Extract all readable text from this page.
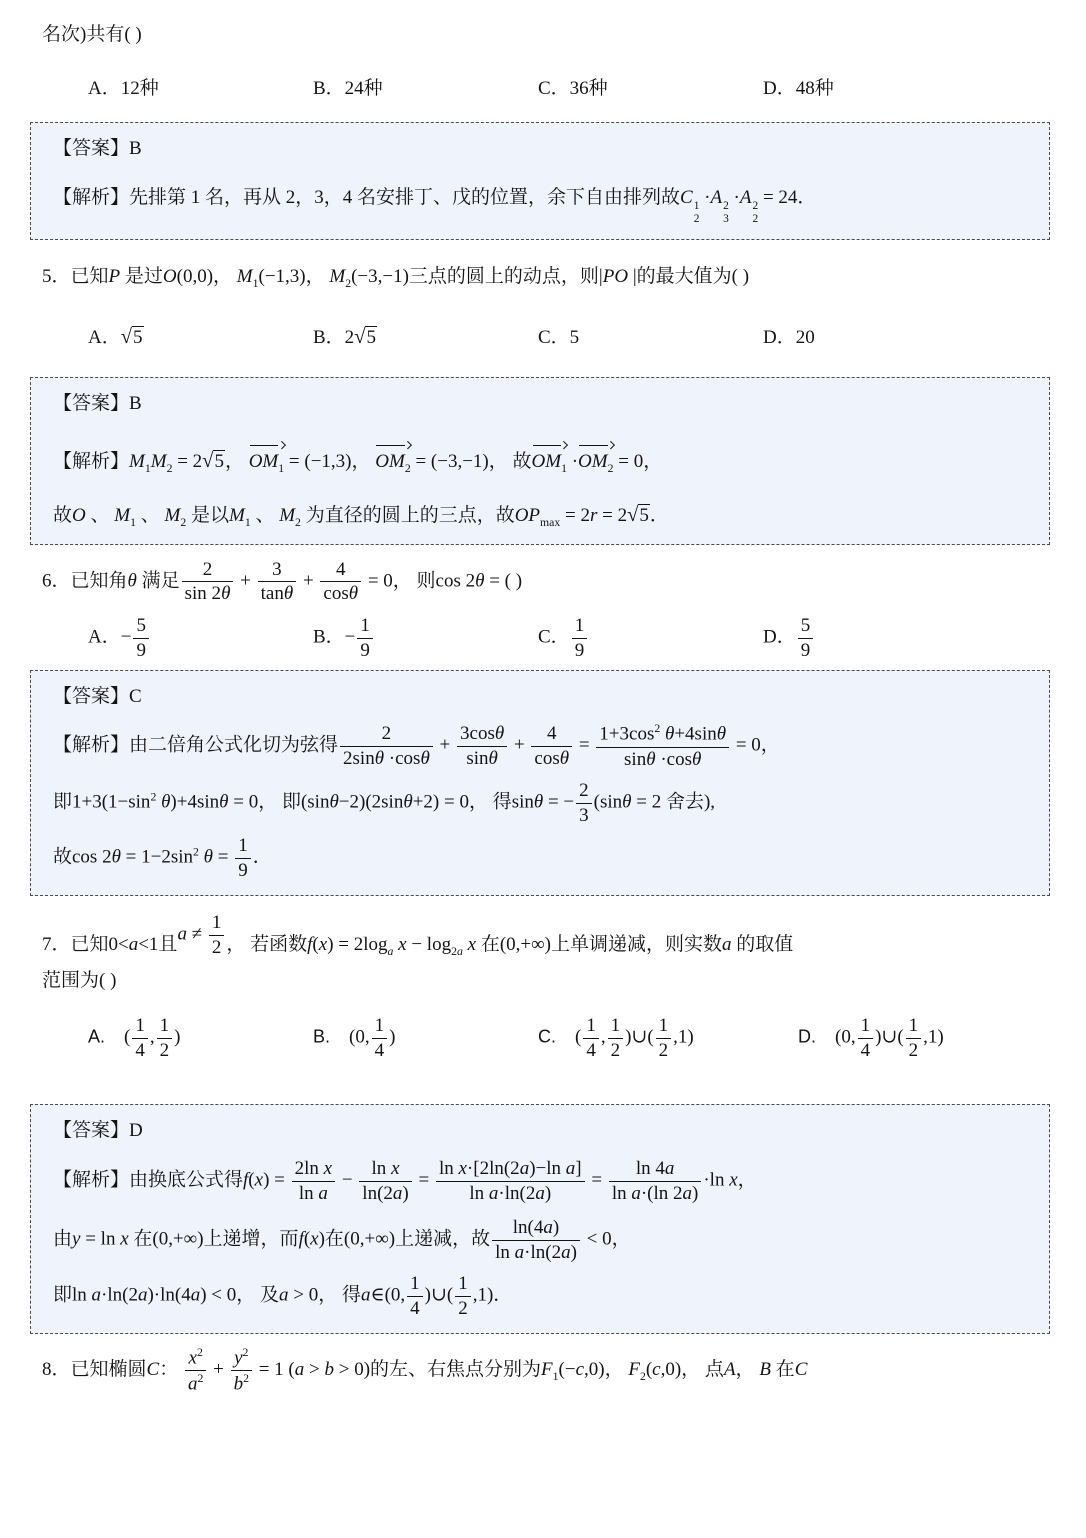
名次)共有( )

A．12种	B．24种	C．36种	D．48种

【答案】B

【解析】先排第 1 名，再从 2，3，4 名安排丁、戊的位置，余下自由排列故C 1
2
·A 2
3
·A 2
2
= 24．

5．已知P 是过O(0,0)， $M_1(-1,3)$， $M_2(-3,-1)$三点的圆上的动点，则|PO |的最大值为( )

A．√5	B．2√5	C．5	D．20

【答案】B

【解析】$M_1M_2 = 2√5$， $OM_1 = (-1,3)$， $OM_2 = (-3,-1)$， 故$OM_1 \cdot OM_2 = 0$，

故O 、 $M_1$ 、 $M_2$ 是以$M_1$ 、 $M_2$ 为直径的圆上的三点，故$OP_{max} = 2r = 2√5$．

6．已知角θ 满足 $\frac{2}{\sin 2\theta} + \frac{3}{\tan\theta} + \frac{4}{\cos\theta} = 0$， 则cos 2θ = ( )

A．− $\frac{5}{9}$	B．− $\frac{1}{9}$	C． $\frac{1}{9}$	D． $\frac{5}{9}$

【答案】C

【解析】由二倍角公式化切为弦得 $\frac{2}{2\sin\theta \cdot\cos\theta} + \frac{3\cos\theta}{\sin\theta} + \frac{4}{\cos\theta} = \frac{1+3\cos^2 \theta+4\sin\theta}{\sin\theta \cdot\cos\theta} = 0$，

即$1+3(1-\sin^2$ θ)+4sinθ = 0， 即(sinθ−2)(2sinθ+2) = 0， 得sinθ = − $\frac{2}{3} (\sin\theta = 2$ 舍去),

故$\cos 2\theta = 1-2\sin^2$ $\theta = \frac{1}{9}$ ．

7．已知0<a<1且$a \ne \frac{1}{2}$ ， 若函数$f(x) = 2\log_a$ $x - \log_{2a} x$ 在(0,+∞)上单调递减，则实数a 的取值

范围为( )

A.　( $\frac{1}{4}$ , $\frac{1}{2}$ )	B.　(0, $\frac{1}{4}$ )	C.　( $\frac{1}{4}$ , $\frac{1}{2}$ )∪( $\frac{1}{2} ,1$)	D.　(0, $\frac{1}{4}$ )∪( $\frac{1}{2} ,1$)

【答案】D

【解析】由换底公式得$f(x) = \frac{\text{2ln x}}{\text{ln a}} - \frac{\text{ln x}}{\ln(2a)} = \frac{\text{ln x·[2ln(2a)−ln a]}}{\text{ln a·ln(2a)}} = \frac{\ln 4a}{\text{ln a·(ln 2a)}} \cdot\ln$ x，

由y = ln x 在(0,+∞)上递增，而f(x)在(0,+∞)上递减，故 $\frac{\ln(4a)}{\text{ln a·ln(2a)}} < 0$，

即ln a·ln(2a)·ln(4a) < 0， 及a > 0， 得a∈(0, $\frac{1}{4}$ )∪( $\frac{1}{2} ,1$)．

8．已知椭圆C： $\frac{x^2}{a^2} + \frac{y^2}{b^2} = 1$ (a > b > 0)的左、右焦点分别为$F_1(-c,0)$， $F_2(c,0)$， 点A， B 在C
